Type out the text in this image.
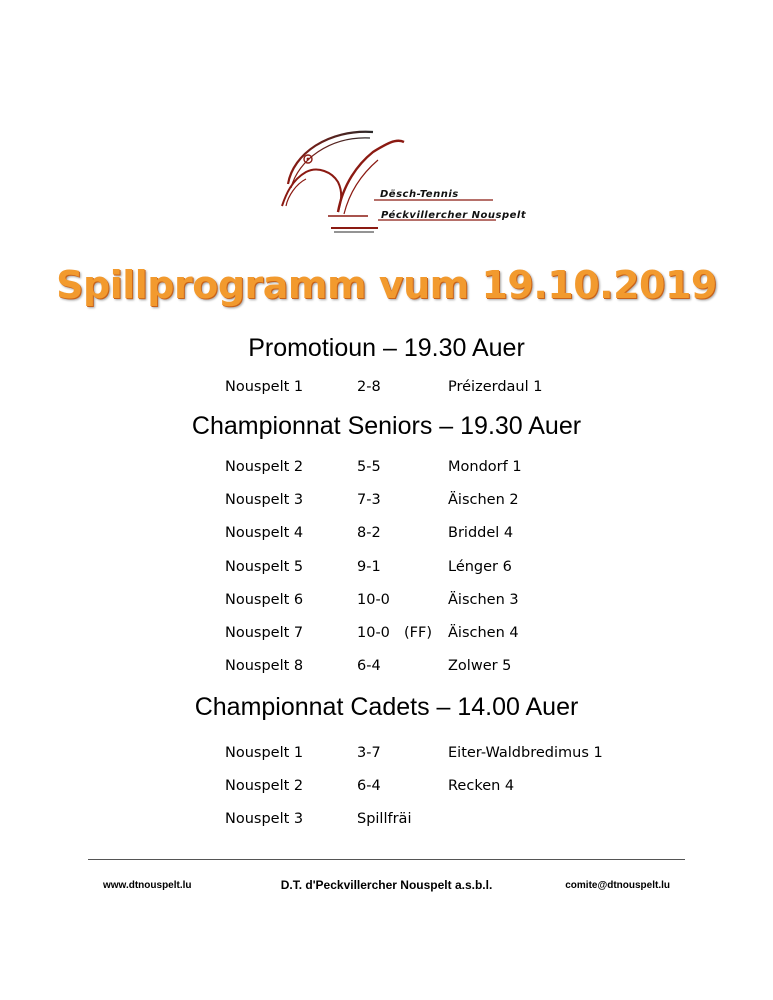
Dësch-Tennis
Péckvillercher Nouspelt
Spillprogramm vum 19.10.2019
Promotioun – 19.30 Auer
Nouspelt 1	2-8	Préizerdaul 1
Championnat Seniors – 19.30 Auer
Nouspelt 2	5-5	Mondorf 1
Nouspelt 3	7-3	Äischen 2
Nouspelt 4	8-2	Briddel 4
Nouspelt 5	9-1	Lénger 6
Nouspelt 6	10-0	Äischen 3
Nouspelt 7	10-0 (FF) Äischen 4
Nouspelt 8	6-4	Zolwer 5
Championnat Cadets – 14.00 Auer
Nouspelt 1	3-7	Eiter-Waldbredimus 1
Nouspelt 2	6-4	Recken 4
Nouspelt 3	Spillfräi
www.dtnouspelt.lu	D.T. d'Peckvillercher Nouspelt a.s.b.l.	comite@dtnouspelt.lu
